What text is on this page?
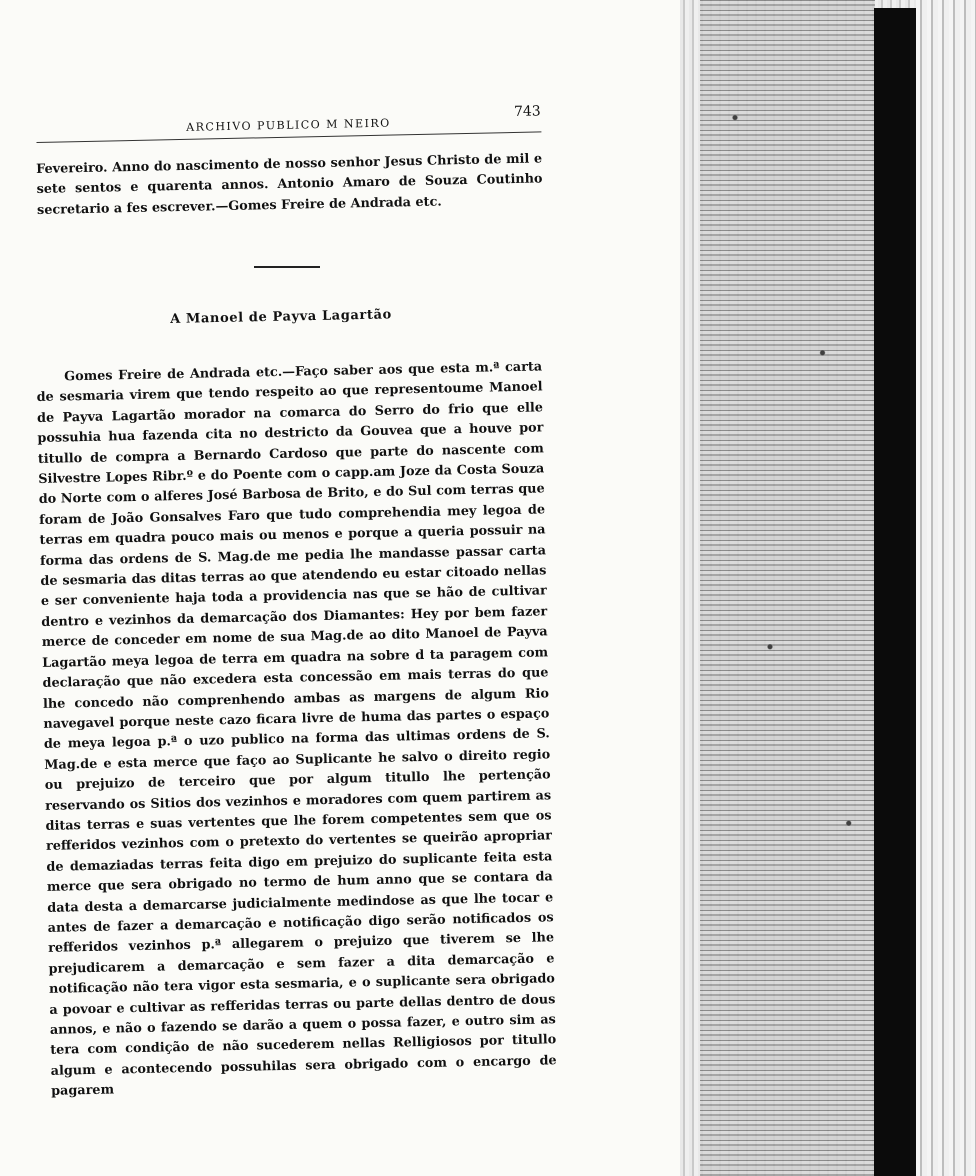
ARCHIVO PUBLICO M NEIRO
743

Fevereiro. Anno do nascimento de nosso senhor Jesus Christo de mil e sete sentos e quarenta annos. Antonio Amaro de Souza Coutinho secretario a fes escrever.—Gomes Freire de Andrada etc.

A Manoel de Payva Lagartão

Gomes Freire de Andrada etc.—Faço saber aos que esta m.ª carta de sesmaria virem que tendo respeito ao que representoume Manoel de Payva Lagartão morador na comarca do Serro do frio que elle possuhia hua fazenda cita no destricto da Gouvea que a houve por titullo de compra a Bernardo Cardoso que parte do nascente com Silvestre Lopes Ribr.º e do Poente com o capp.am Joze da Costa Souza do Norte com o alferes José Barbosa de Brito, e do Sul com terras que foram de João Gonsalves Faro que tudo comprehendia mey legoa de terras em quadra pouco mais ou menos e porque a queria possuir na forma das ordens de S. Mag.de me pedia lhe mandasse passar carta de sesmaria das ditas terras ao que atendendo eu estar citoado nellas e ser conveniente haja toda a providencia nas que se hão de cultivar dentro e vezinhos da demarcação dos Diamantes: Hey por bem fazer merce de conceder em nome de sua Mag.de ao dito Manoel de Payva Lagartão meya legoa de terra em quadra na sobre d ta paragem com declaração que não excedera esta concessão em mais terras do que lhe concedo não comprenhendo ambas as margens de algum Rio navegavel porque neste cazo ficara livre de huma das partes o espaço de meya legoa p.ª o uzo publico na forma das ultimas ordens de S. Mag.de e esta merce que faço ao Suplicante he salvo o direito regio ou prejuizo de terceiro que por algum titullo lhe pertenção reservando os Sitios dos vezinhos e moradores com quem partirem as ditas terras e suas vertentes que lhe forem competentes sem que os refferidos vezinhos com o pretexto do vertentes se queirão apropriar de demaziadas terras feita digo em prejuizo do suplicante feita esta merce que sera obrigado no termo de hum anno que se contara da data desta a demarcarse judicialmente medindose as que lhe tocar e antes de fazer a demarcação e notificação digo serão notificados os refferidos vezinhos p.ª allegarem o prejuizo que tiverem se lhe prejudicarem a demarcação e sem fazer a dita demarcação e notificação não tera vigor esta sesmaria, e o suplicante sera obrigado a povoar e cultivar as refferidas terras ou parte dellas dentro de dous annos, e não o fazendo se darão a quem o possa fazer, e outro sim as tera com condição de não sucederem nellas Relligiosos por titullo algum e acontecendo possuhilas sera obrigado com o encargo de pagarem
